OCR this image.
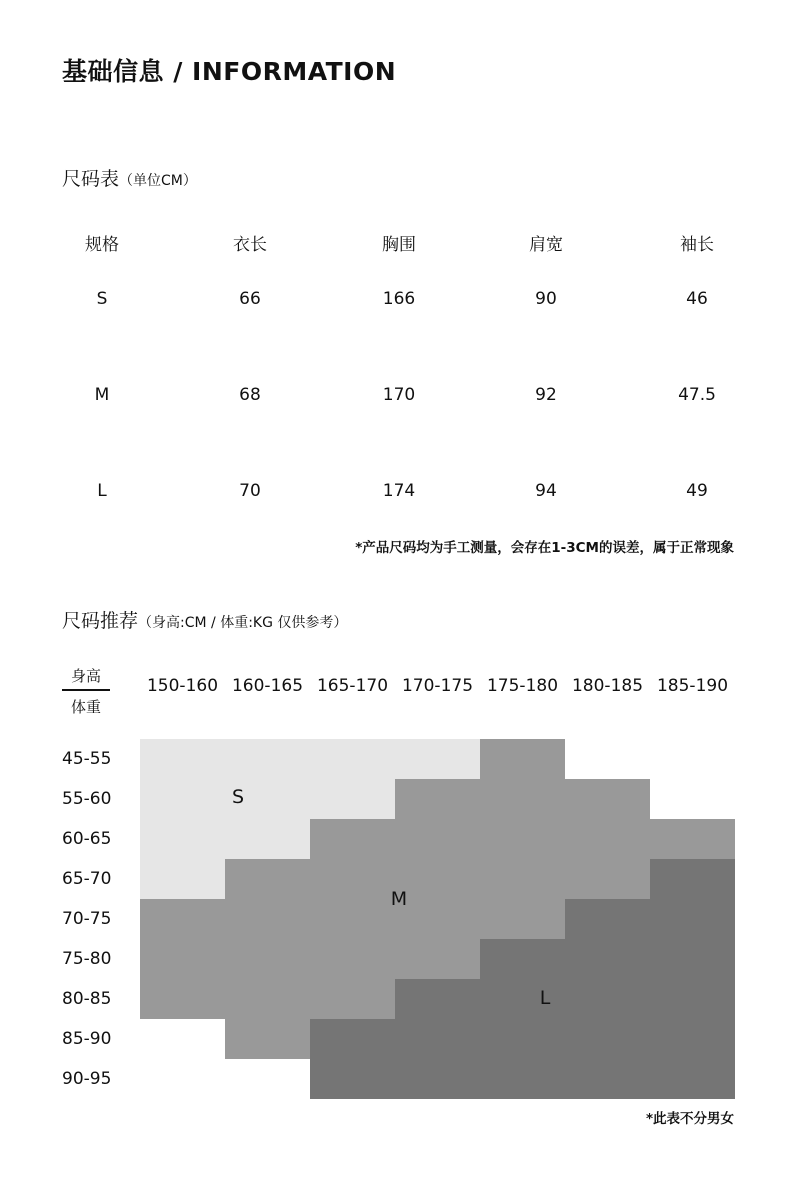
基础信息 / INFORMATION
尺码表（单位CM）
规格	衣长	胸围	肩宽	袖长
S	66	166	90	46
M	68	170	92	47.5
L	70	174	94	49
*产品尺码均为手工测量，会存在1-3CM的误差，属于正常现象
尺码推荐（身高:CM / 体重:KG 仅供参考）
身高
体重
150-160 160-165 165-170 170-175 175-180 180-185 185-190
45-55
55-60
60-65
65-70
70-75
75-80
80-85
85-90
90-95
S
M
L
*此表不分男女
